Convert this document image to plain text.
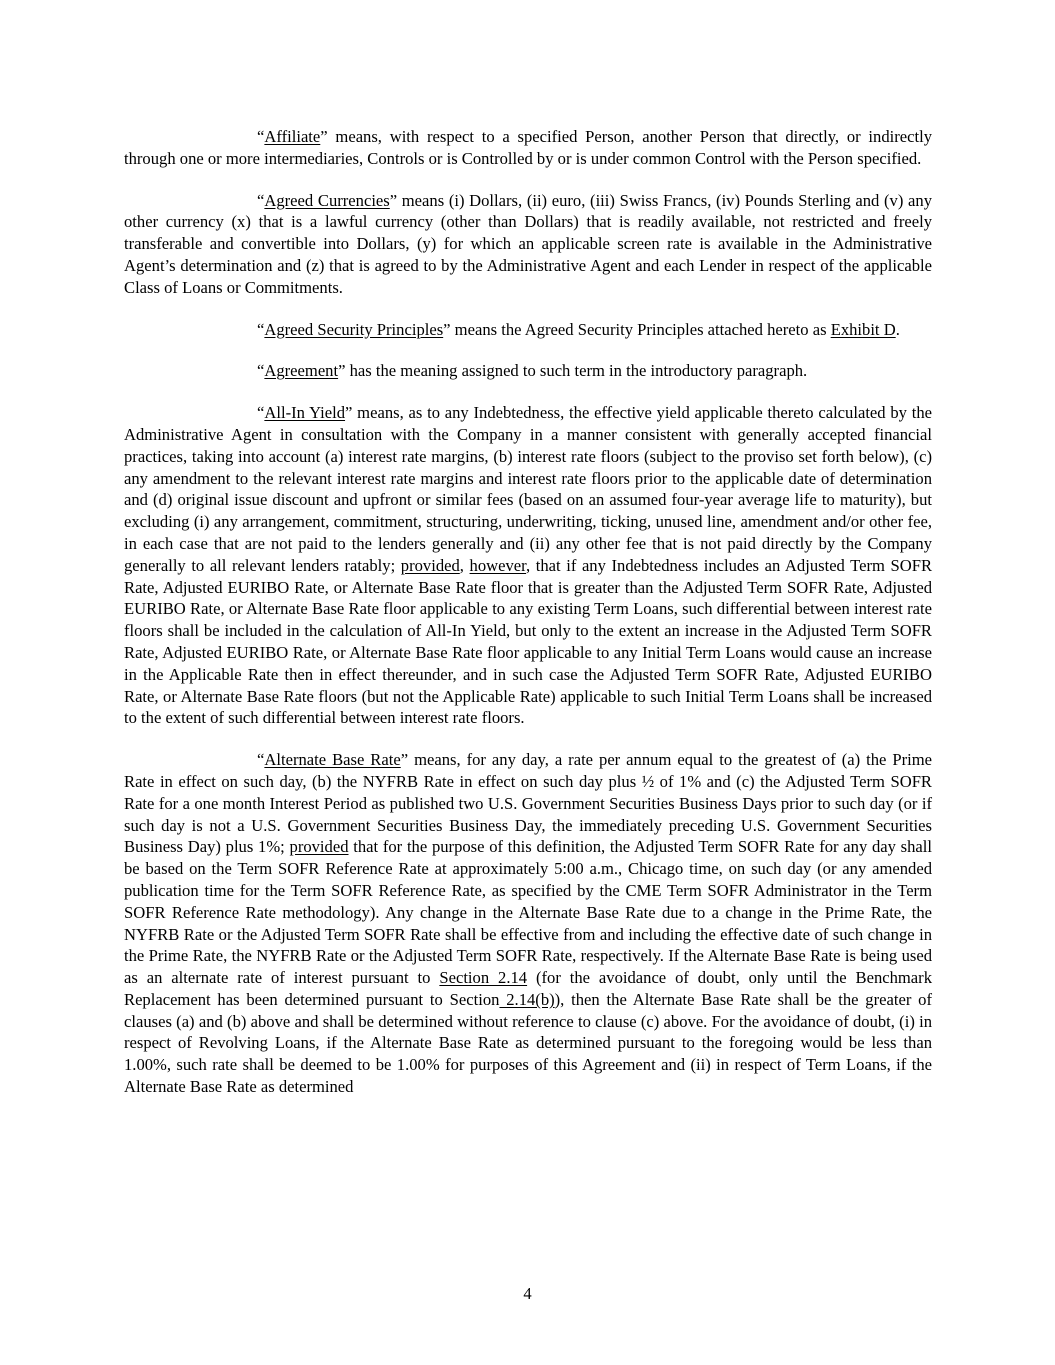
“Affiliate” means, with respect to a specified Person, another Person that directly, or indirectly through one or more intermediaries, Controls or is Controlled by or is under common Control with the Person specified.

“Agreed Currencies” means (i) Dollars, (ii) euro, (iii) Swiss Francs, (iv) Pounds Sterling and (v) any other currency (x) that is a lawful currency (other than Dollars) that is readily available, not restricted and freely transferable and convertible into Dollars, (y) for which an applicable screen rate is available in the Administrative Agent’s determination and (z) that is agreed to by the Administrative Agent and each Lender in respect of the applicable Class of Loans or Commitments.

“Agreed Security Principles” means the Agreed Security Principles attached hereto as Exhibit D.

“Agreement” has the meaning assigned to such term in the introductory paragraph.

“All-In Yield” means, as to any Indebtedness, the effective yield applicable thereto calculated by the Administrative Agent in consultation with the Company in a manner consistent with generally accepted financial practices, taking into account (a) interest rate margins, (b) interest rate floors (subject to the proviso set forth below), (c) any amendment to the relevant interest rate margins and interest rate floors prior to the applicable date of determination and (d) original issue discount and upfront or similar fees (based on an assumed four-year average life to maturity), but excluding (i) any arrangement, commitment, structuring, underwriting, ticking, unused line, amendment and/or other fee, in each case that are not paid to the lenders generally and (ii) any other fee that is not paid directly by the Company generally to all relevant lenders ratably; provided, however, that if any Indebtedness includes an Adjusted Term SOFR Rate, Adjusted EURIBO Rate, or Alternate Base Rate floor that is greater than the Adjusted Term SOFR Rate, Adjusted EURIBO Rate, or Alternate Base Rate floor applicable to any existing Term Loans, such differential between interest rate floors shall be included in the calculation of All-In Yield, but only to the extent an increase in the Adjusted Term SOFR Rate, Adjusted EURIBO Rate, or Alternate Base Rate floor applicable to any Initial Term Loans would cause an increase in the Applicable Rate then in effect thereunder, and in such case the Adjusted Term SOFR Rate, Adjusted EURIBO Rate, or Alternate Base Rate floors (but not the Applicable Rate) applicable to such Initial Term Loans shall be increased to the extent of such differential between interest rate floors.

“Alternate Base Rate” means, for any day, a rate per annum equal to the greatest of (a) the Prime Rate in effect on such day, (b) the NYFRB Rate in effect on such day plus ½ of 1% and (c) the Adjusted Term SOFR Rate for a one month Interest Period as published two U.S. Government Securities Business Days prior to such day (or if such day is not a U.S. Government Securities Business Day, the immediately preceding U.S. Government Securities Business Day) plus 1%; provided that for the purpose of this definition, the Adjusted Term SOFR Rate for any day shall be based on the Term SOFR Reference Rate at approximately 5:00 a.m., Chicago time, on such day (or any amended publication time for the Term SOFR Reference Rate, as specified by the CME Term SOFR Administrator in the Term SOFR Reference Rate methodology). Any change in the Alternate Base Rate due to a change in the Prime Rate, the NYFRB Rate or the Adjusted Term SOFR Rate shall be effective from and including the effective date of such change in the Prime Rate, the NYFRB Rate or the Adjusted Term SOFR Rate, respectively. If the Alternate Base Rate is being used as an alternate rate of interest pursuant to Section 2.14 (for the avoidance of doubt, only until the Benchmark Replacement has been determined pursuant to Section 2.14(b)), then the Alternate Base Rate shall be the greater of clauses (a) and (b) above and shall be determined without reference to clause (c) above. For the avoidance of doubt, (i) in respect of Revolving Loans, if the Alternate Base Rate as determined pursuant to the foregoing would be less than 1.00%, such rate shall be deemed to be 1.00% for purposes of this Agreement and (ii) in respect of Term Loans, if the Alternate Base Rate as determined

4
